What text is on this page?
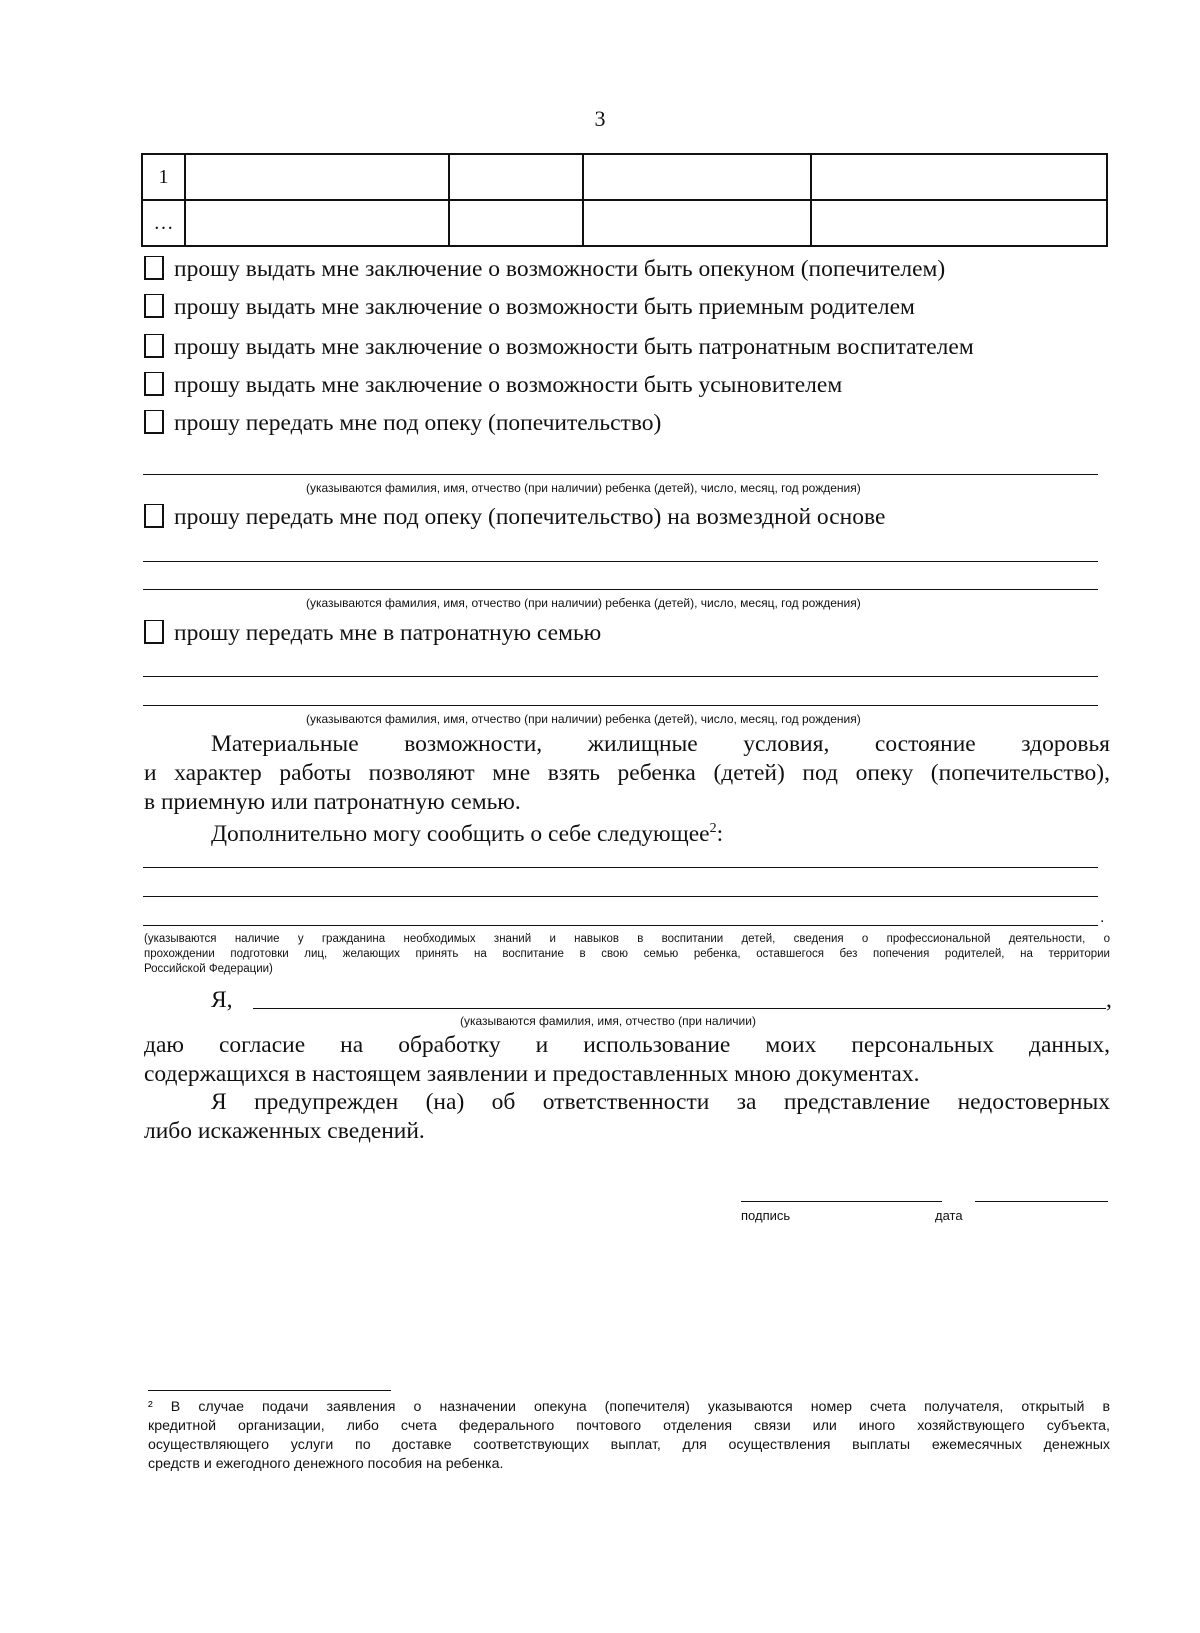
3
1				
…				
прошу выдать мне заключение о возможности быть опекуном (попечителем)
прошу выдать мне заключение о возможности быть приемным родителем
прошу выдать мне заключение о возможности быть патронатным воспитателем
прошу выдать мне заключение о возможности быть усыновителем
прошу передать мне под опеку (попечительство)
(указываются фамилия, имя, отчество (при наличии) ребенка (детей), число, месяц, год рождения)
прошу передать мне под опеку (попечительство) на возмездной основе
(указываются фамилия, имя, отчество (при наличии) ребенка (детей), число, месяц, год рождения)
прошу передать мне в патронатную семью
(указываются фамилия, имя, отчество (при наличии) ребенка (детей), число, месяц, год рождения)
Материальные возможности, жилищные условия, состояние здоровья
и характер работы позволяют мне взять ребенка (детей) под опеку (попечительство),
в приемную или патронатную семью.
Дополнительно могу сообщить о себе следующее$^2$:
.
(указываются наличие у гражданина необходимых знаний и навыков в воспитании детей, сведения о профессиональной деятельности, о
прохождении подготовки лиц, желающих принять на воспитание в свою семью ребенка, оставшегося без попечения родителей, на территории
Российской Федерации)
Я,	,
(указываются фамилия, имя, отчество (при наличии)
даю согласие на обработку и использование моих персональных данных,
содержащихся в настоящем заявлении и предоставленных мною документах.
Я предупрежден (на) об ответственности за представление недостоверных
либо искаженных сведений.
подпись	дата
² В случае подачи заявления о назначении опекуна (попечителя) указываются номер счета получателя, открытый в
кредитной организации, либо счета федерального почтового отделения связи или иного хозяйствующего субъекта,
осуществляющего услуги по доставке соответствующих выплат, для осуществления выплаты ежемесячных денежных

средств и ежегодного денежного пособия на ребенка.
